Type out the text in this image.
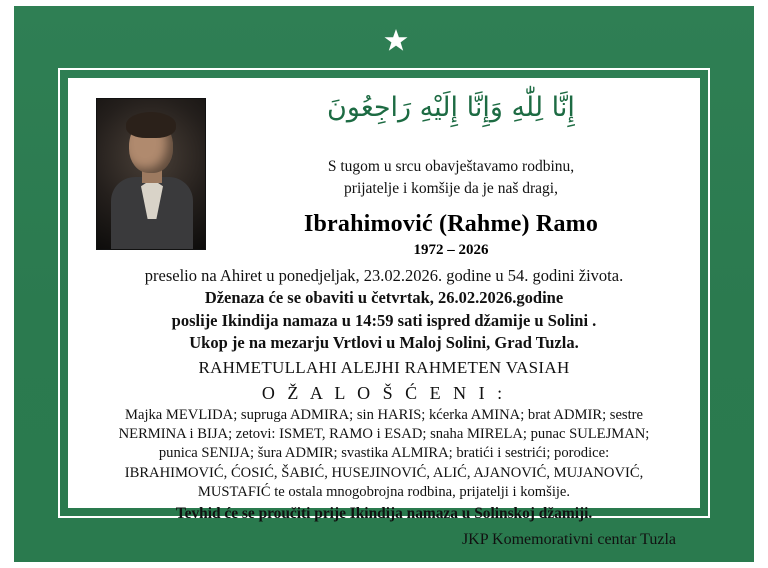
إِنَّا لِلّٰهِ وَإِنَّا إِلَيْهِ رَاجِعُونَ
S tugom u srcu obavještavamo rodbinu,
prijatelje i komšije da je naš dragi,
Ibrahimović (Rahme) Ramo
1972 – 2026
preselio na Ahiret u ponedjeljak, 23.02.2026. godine u 54. godini života.
Dženaza će se obaviti u četvrtak, 26.02.2026.godine
poslije Ikindija namaza u 14:59 sati ispred džamije u Solini .
Ukop je na mezarju Vrtlovi u Maloj Solini, Grad Tuzla.
RAHMETULLAHI ALEJHI RAHMETEN VASIAH
O Ž A L O Š Ć E N I :
Majka MEVLIDA; supruga ADMIRA; sin HARIS; kćerka AMINA; brat ADMIR; sestre
NERMINA i BIJA; zetovi: ISMET, RAMO i ESAD; snaha MIRELA; punac SULEJMAN;
punica SENIJA; šura ADMIR; svastika ALMIRA; bratići i sestrići; porodice:
IBRAHIMOVIĆ, ĆOSIĆ, ŠABIĆ, HUSEJINOVIĆ, ALIĆ, AJANOVIĆ, MUJANOVIĆ,
MUSTAFIĆ te ostala mnogobrojna rodbina, prijatelji i komšije.
Tevhid će se proučiti prije Ikindija namaza u Solinskoj džamiji.
JKP Komemorativni centar Tuzla
